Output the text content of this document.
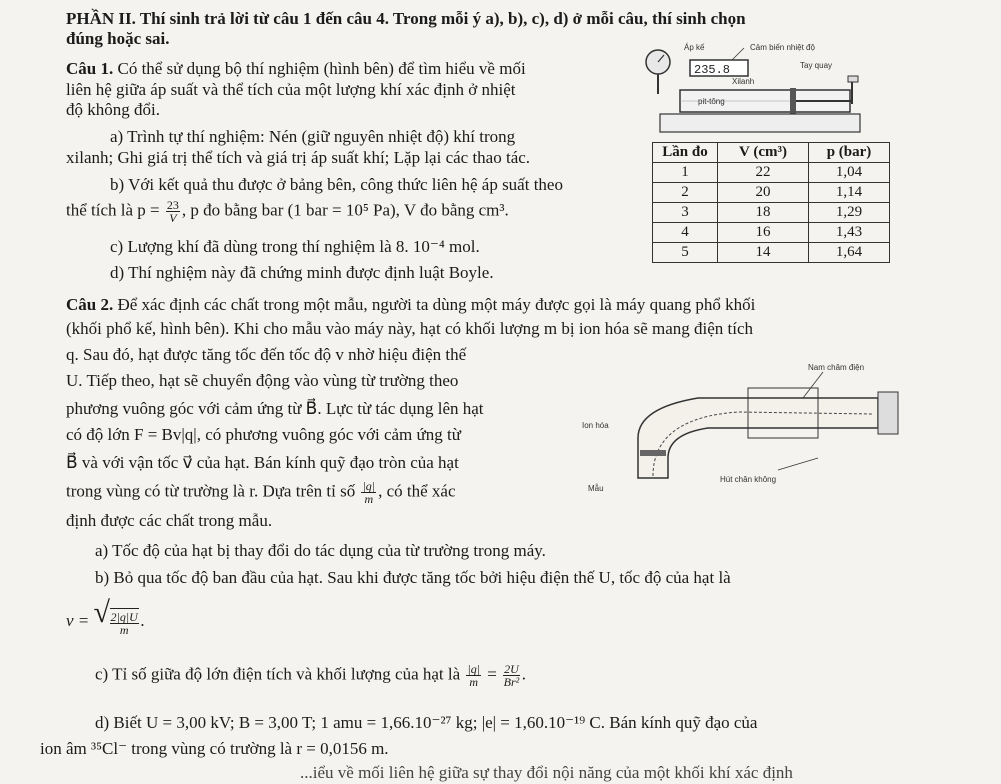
PHẦN II. Thí sinh trả lời từ câu 1 đến câu 4. Trong mỗi ý a), b), c), d) ở mỗi câu, thí sinh chọn
đúng hoặc sai.
Câu 1. Có thể sử dụng bộ thí nghiệm (hình bên) để tìm hiểu về mối
liên hệ giữa áp suất và thể tích của một lượng khí xác định ở nhiệt
độ không đổi.
a) Trình tự thí nghiệm: Nén (giữ nguyên nhiệt độ) khí trong
xilanh; Ghi giá trị thể tích và giá trị áp suất khí; Lặp lại các thao tác.
b) Với kết quả thu được ở bảng bên, công thức liên hệ áp suất theo
thể tích là $p = \frac{23}{V}$ , p đo bằng bar (1 bar = 10⁵ Pa), V đo bằng cm³.
c) Lượng khí đã dùng trong thí nghiệm là 8. 10⁻⁴ mol.
d) Thí nghiệm này đã chứng minh được định luật Boyle.
Áp kế	Cảm biến nhiệt độ
235.8
Xilanh
Tay quay
pit-tông
Lần đo	V (cm³)	p (bar)
1	22	1,04
2	20	1,14
3	18	1,29
4	16	1,43
5	14	1,64
Câu 2. Để xác định các chất trong một mẫu, người ta dùng một máy được gọi là máy quang phổ khối
(khối phổ kế, hình bên). Khi cho mẫu vào máy này, hạt có khối lượng m bị ion hóa sẽ mang điện tích
q. Sau đó, hạt được tăng tốc đến tốc độ v nhờ hiệu điện thế
U. Tiếp theo, hạt sẽ chuyển động vào vùng từ trường theo
phương vuông góc với cảm ứng từ B⃗. Lực từ tác dụng lên hạt
có độ lớn F = Bv|q|, có phương vuông góc với cảm ứng từ
B⃗ và với vận tốc v⃗ của hạt. Bán kính quỹ đạo tròn của hạt
trong vùng có từ trường là r. Dựa trên tỉ số $\frac{|q|}{m}$ , có thể xác
định được các chất trong mẫu.
Nam châm điện
Ion hóa
Mẫu
Hút chân không
a) Tốc độ của hạt bị thay đổi do tác dụng của từ trường trong máy.
b) Bỏ qua tốc độ ban đầu của hạt. Sau khi được tăng tốc bởi hiệu điện thế U, tốc độ của hạt là
v = √ $\frac{2|q|U}{m}$ .
c) Tỉ số giữa độ lớn điện tích và khối lượng của hạt là $\frac{|q|}{m} = \frac{2U}{\text{Br²}}$ .
d) Biết U = 3,00 kV; B = 3,00 T; 1 amu = 1,66.10⁻²⁷ kg; |e| = 1,60.10⁻¹⁹ C. Bán kính quỹ đạo của
ion âm ³⁵Cl⁻ trong vùng có trường là r = 0,0156 m.
...iểu về mối liên hệ giữa sự thay đổi nội năng của một khối khí xác định
